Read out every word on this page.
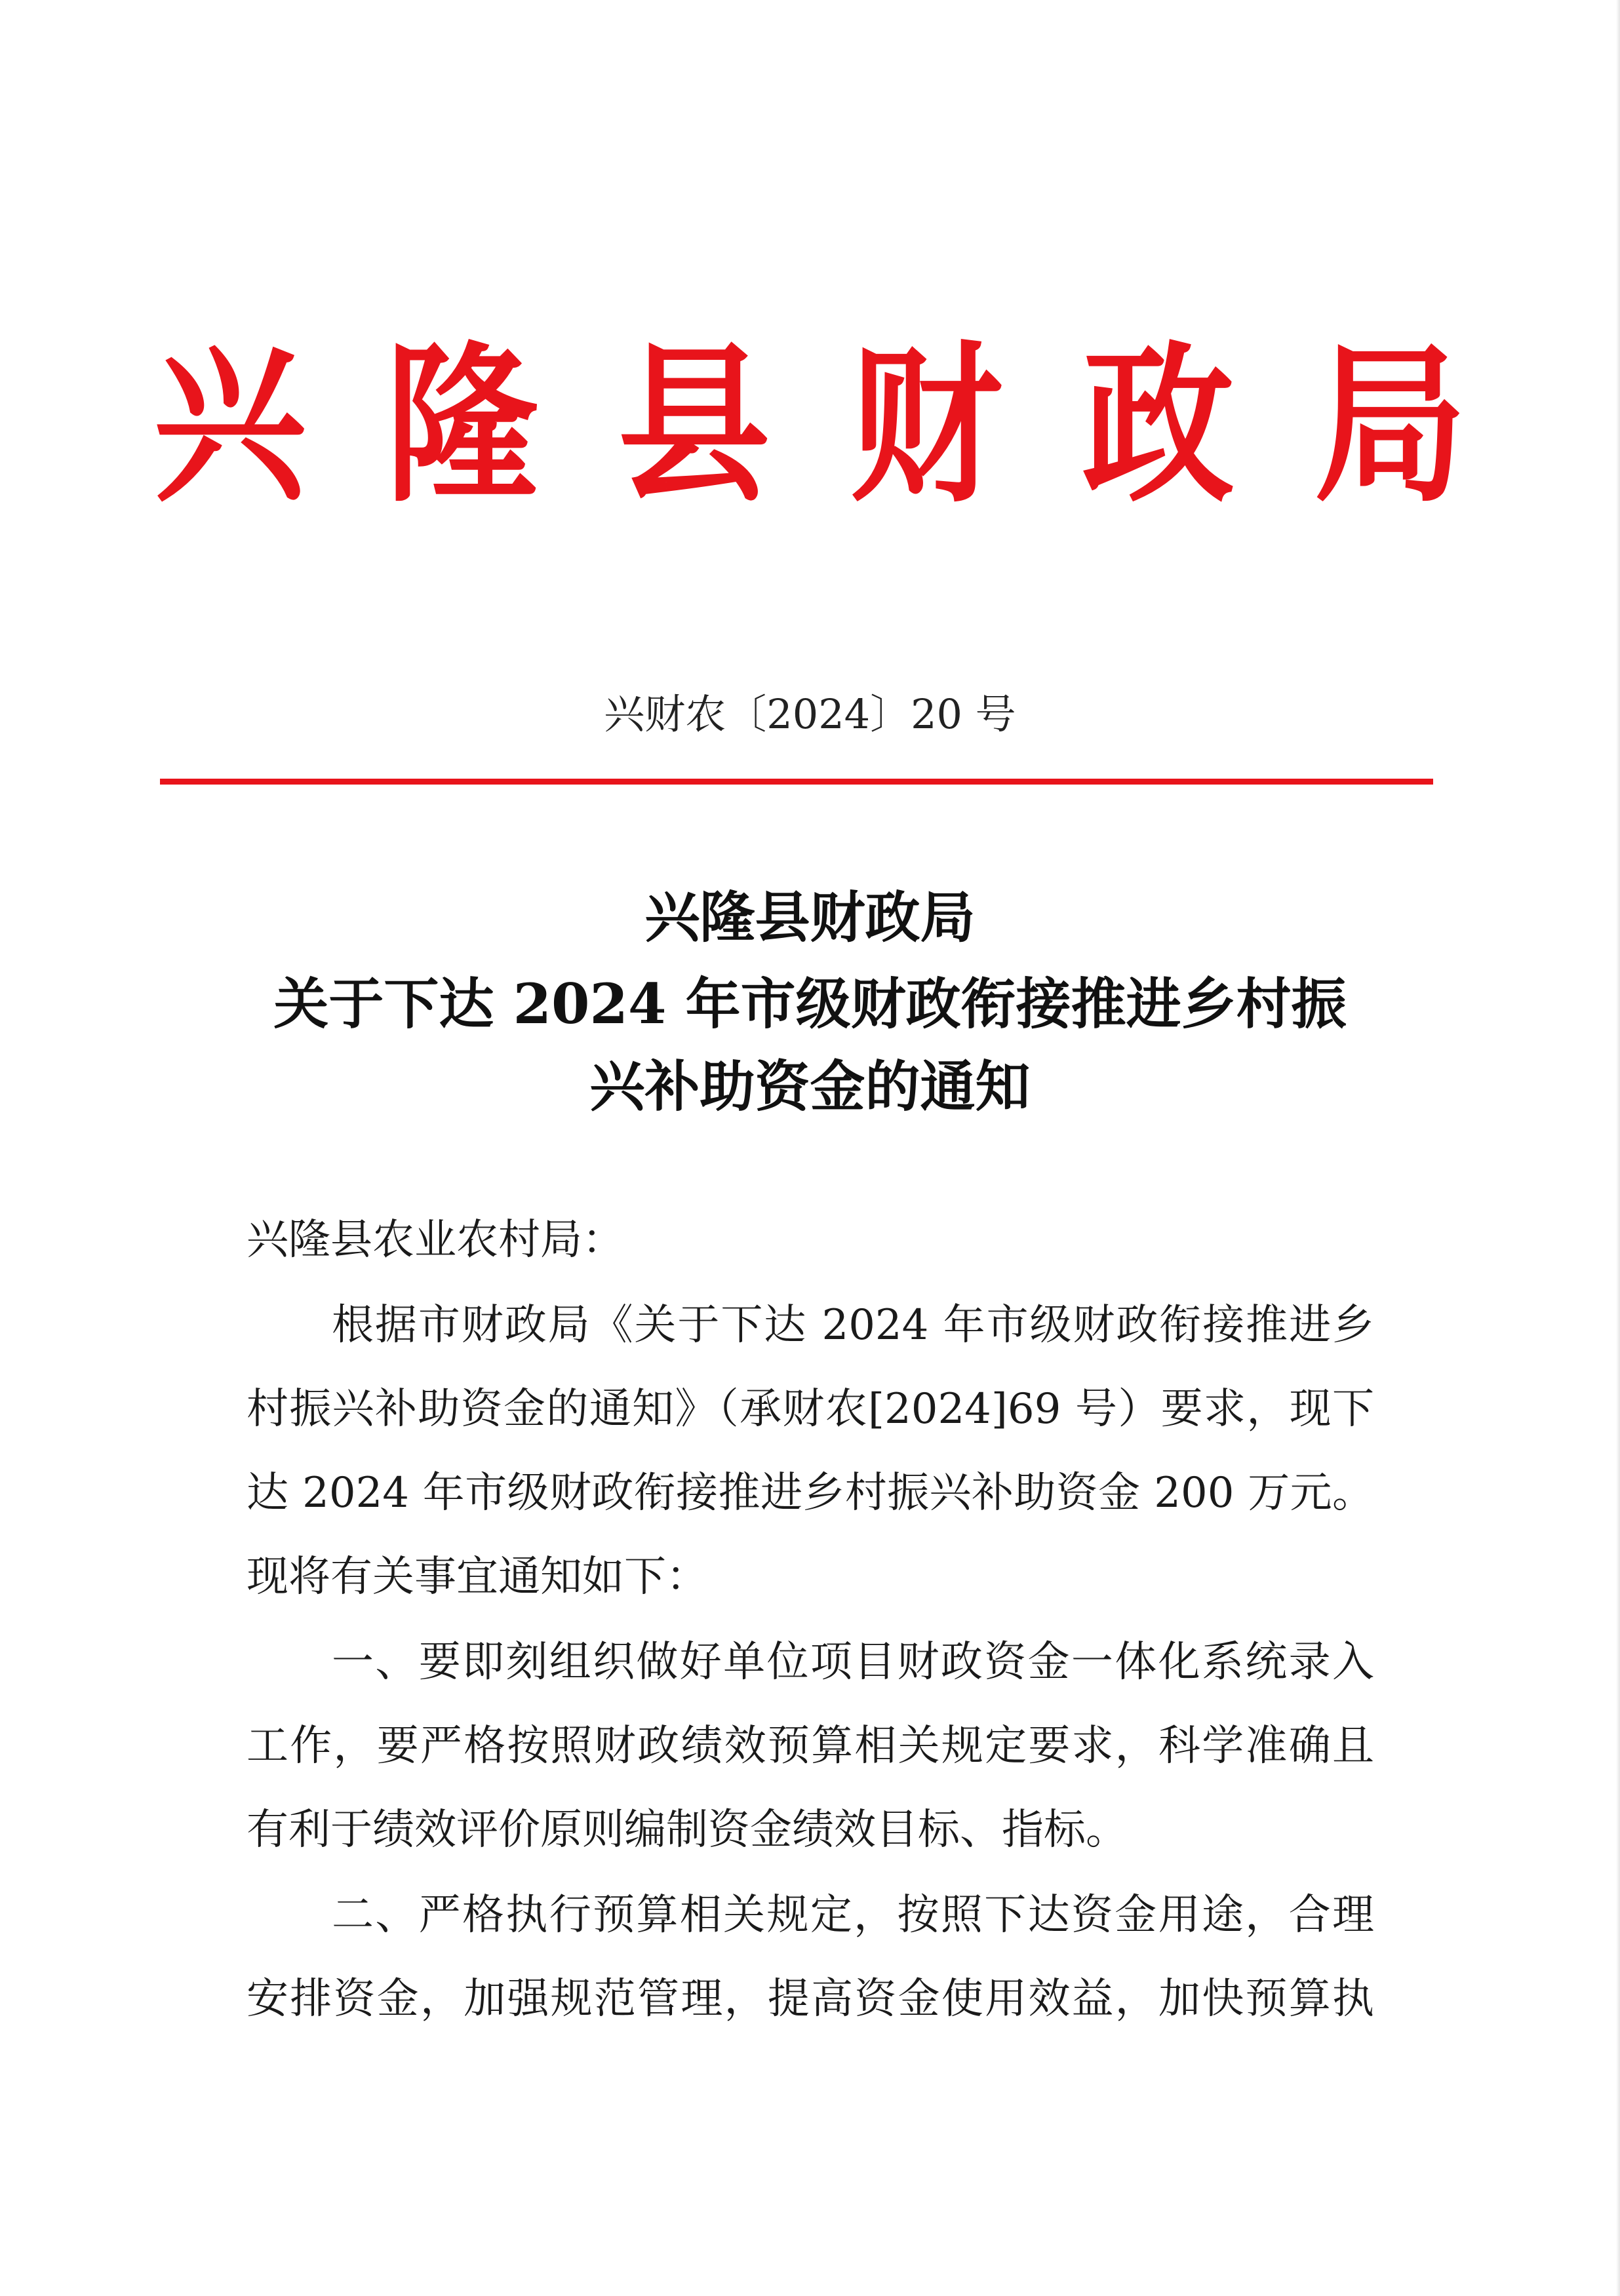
兴 隆 县 财 政 局
兴财农〔2024〕20 号
兴隆县财政局
关于下达 2024 年市级财政衔接推进乡村振
兴补助资金的通知
兴隆县农业农村局：
根据市财政局《关于下达 2024 年市级财政衔接推进乡
村振兴补助资金的通知》（承财农[2024]69 号）要求，现下
达 2024 年市级财政衔接推进乡村振兴补助资金 200 万元。
现将有关事宜通知如下：
一、要即刻组织做好单位项目财政资金一体化系统录入
工作，要严格按照财政绩效预算相关规定要求，科学准确且
有利于绩效评价原则编制资金绩效目标、指标。
二、严格执行预算相关规定，按照下达资金用途，合理
安排资金，加强规范管理，提高资金使用效益，加快预算执
